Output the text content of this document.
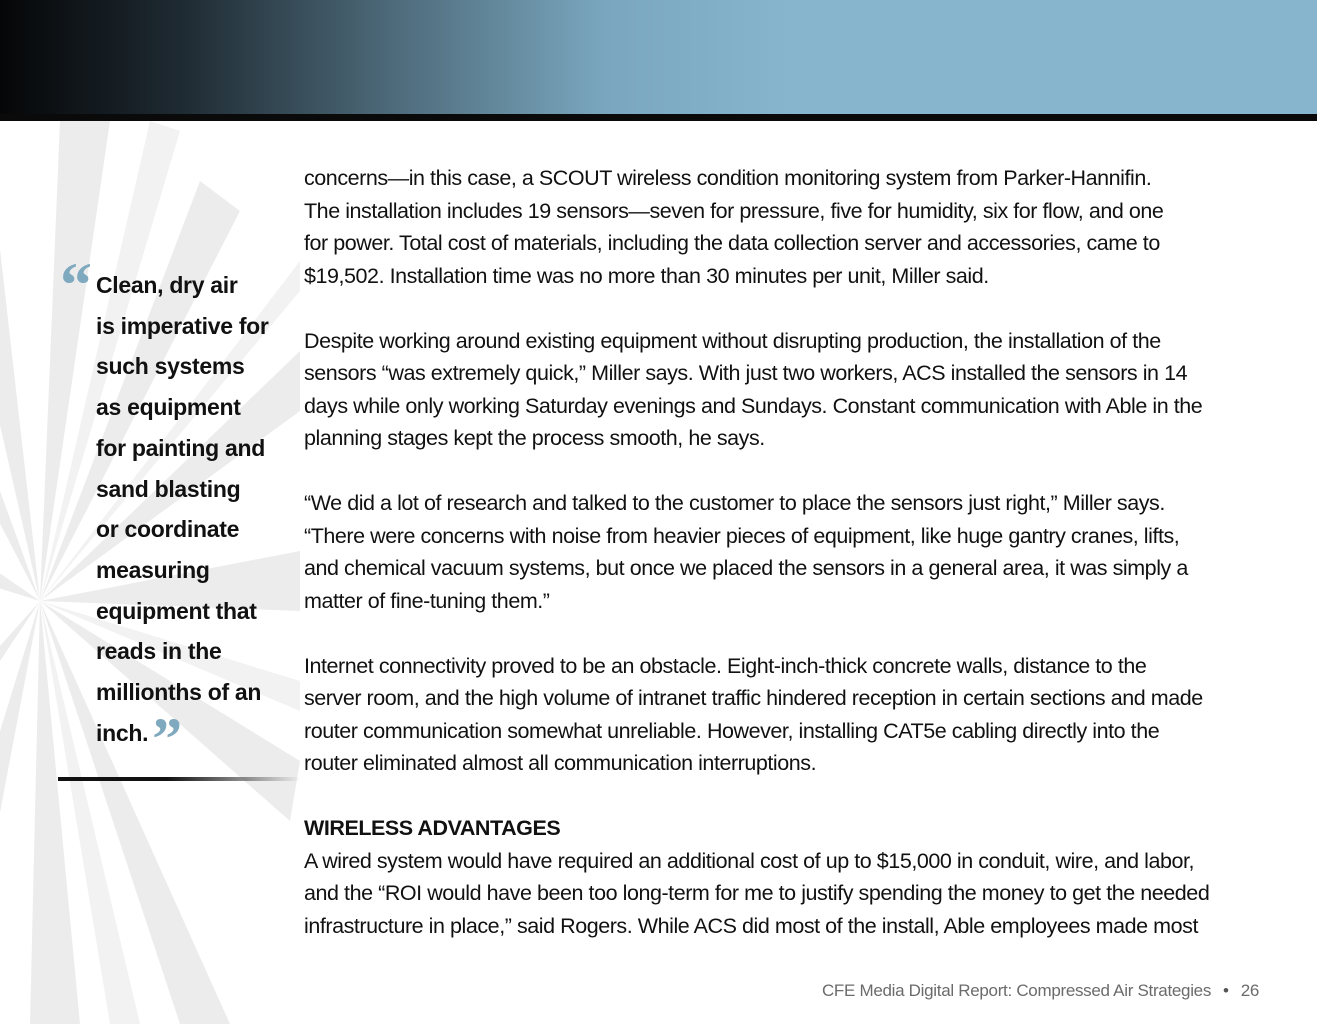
“ Clean, dry air
is imperative for
such systems
as equipment
for painting and
sand blasting
or coordinate
measuring
equipment that
reads in the
millionths of an
inch.”

concerns—in this case, a SCOUT wireless condition monitoring system from Parker-Hannifin.
The installation includes 19 sensors—seven for pressure, five for humidity, six for flow, and one
for power. Total cost of materials, including the data collection server and accessories, came to
$19,502. Installation time was no more than 30 minutes per unit, Miller said.
Despite working around existing equipment without disrupting production, the installation of the
sensors “was extremely quick,” Miller says. With just two workers, ACS installed the sensors in 14
days while only working Saturday evenings and Sundays. Constant communication with Able in the
planning stages kept the process smooth, he says.
“We did a lot of research and talked to the customer to place the sensors just right,” Miller says.
“There were concerns with noise from heavier pieces of equipment, like huge gantry cranes, lifts,
and chemical vacuum systems, but once we placed the sensors in a general area, it was simply a
matter of fine-tuning them.”
Internet connectivity proved to be an obstacle. Eight-inch-thick concrete walls, distance to the
server room, and the high volume of intranet traffic hindered reception in certain sections and made
router communication somewhat unreliable. However, installing CAT5e cabling directly into the
router eliminated almost all communication interruptions.
WIRELESS ADVANTAGES
A wired system would have required an additional cost of up to $15,000 in conduit, wire, and labor,
and the “ROI would have been too long-term for me to justify spending the money to get the needed
infrastructure in place,” said Rogers. While ACS did most of the install, Able employees made most
CFE Media Digital Report: Compressed Air Strategies • 26
